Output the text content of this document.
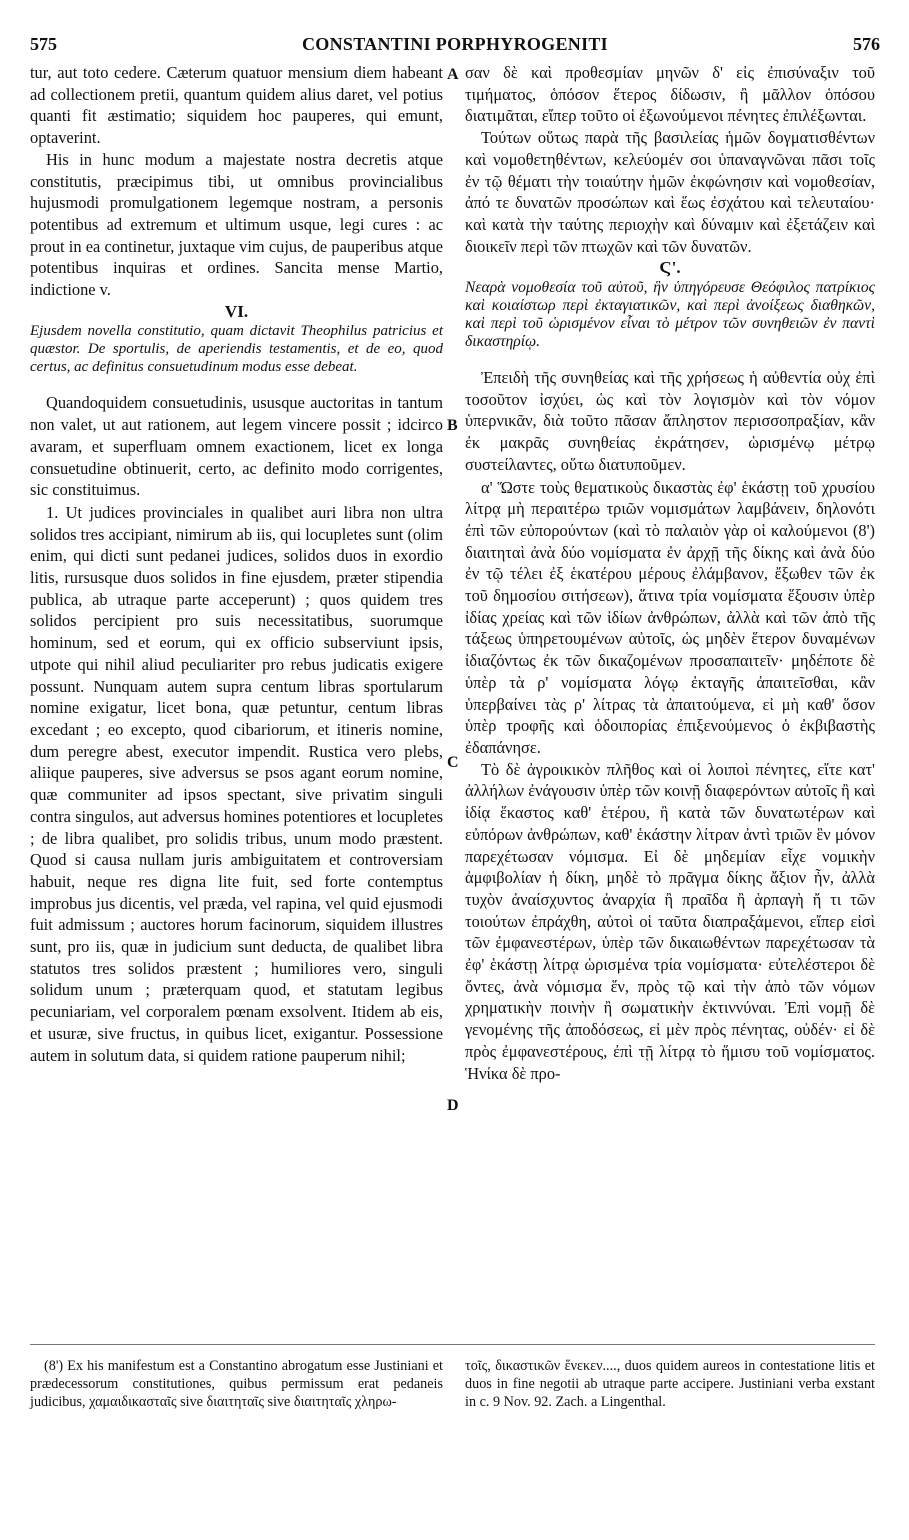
575	CONSTANTINI PORPHYROGENITI	576

tur, aut toto cedere. Cæterum quatuor mensium diem habeant ad collectionem pretii, quantum quidem alius daret, vel potius quanti fit æstimatio; siquidem hoc pauperes, qui emunt, optaverint.

His in hunc modum a majestate nostra decretis atque constitutis, præcipimus tibi, ut omnibus provincialibus hujusmodi promulgationem legemque nostram, a personis potentibus ad extremum et ultimum usque, legi cures : ac prout in ea continetur, juxtaque vim cujus, de pauperibus atque potentibus inquiras et ordines. Sancita mense Martio, indictione v.

VI.

Ejusdem novella constitutio, quam dictavit Theophilus patricius et quæstor. De sportulis, de aperiendis testamentis, et de eo, quod certus, ac definitus consuetudinum modus esse debeat.

Quandoquidem consuetudinis, ususque auctoritas in tantum non valet, ut aut rationem, aut legem vincere possit ; idcirco avaram, et superfluam omnem exactionem, licet ex longa consuetudine obtinuerit, certo, ac definito modo corrigentes, sic constituimus.

1. Ut judices provinciales in qualibet auri libra non ultra solidos tres accipiant, nimirum ab iis, qui locupletes sunt (olim enim, qui dicti sunt pedanei judices, solidos duos in exordio litis, rursusque duos solidos in fine ejusdem, præter stipendia publica, ab utraque parte acceperunt) ; quos quidem tres solidos percipient pro suis necessitatibus, suorumque hominum, sed et eorum, qui ex officio subserviunt ipsis, utpote qui nihil aliud peculiariter pro rebus judicatis exigere possunt. Nunquam autem supra centum libras sportularum nomine exigatur, licet bona, quæ petuntur, centum libras excedant ; eo excepto, quod cibariorum, et itineris nomine, dum peregre abest, executor impendit. Rustica vero plebs, aliique pauperes, sive adversus se psos agant eorum nomine, quæ communiter ad ipsos spectant, sive privatim singuli contra singulos, aut adversus homines potentiores et locupletes ; de libra qualibet, pro solidis tribus, unum modo præstent. Quod si causa nullam juris ambiguitatem et controversiam habuit, neque res digna lite fuit, sed forte contemptus improbus jus dicentis, vel præda, vel rapina, vel quid ejusmodi fuit admissum ; auctores horum facinorum, siquidem illustres sunt, pro iis, quæ in judicium sunt deducta, de qualibet libra statutos tres solidos præstent ; humiliores vero, singuli solidum unum ; præterquam quod, et statutam legibus pecuniariam, vel corporalem pœnam exsolvent. Itidem ab eis, et usuræ, sive fructus, in quibus licet, exigantur. Possessione autem in solutum data, si quidem ratione pauperum nihil;

σαν δὲ καὶ προθεσμίαν μηνῶν δ' εἰς ἐπισύναξιν τοῦ τιμήματος, ὁπόσον ἕτερος δίδωσιν, ἢ μᾶλλον ὁπόσου διατιμᾶται, εἴπερ τοῦτο οἱ ἐξωνούμενοι πένητες ἐπιλέξωνται.

Τούτων οὕτως παρὰ τῆς βασιλείας ἡμῶν δογματισθέντων καὶ νομοθετηθέντων, κελεύομέν σοι ὑπαναγνῶναι πᾶσι τοῖς ἐν τῷ θέματι τὴν τοιαύτην ἡμῶν ἐκφώνησιν καὶ νομοθεσίαν, ἀπό τε δυνατῶν προσώπων καὶ ἕως ἐσχάτου καὶ τελευταίου· καὶ κατὰ τὴν ταύτης περιοχὴν καὶ δύναμιν καὶ ἐξετάζειν καὶ διοικεῖν περὶ τῶν πτωχῶν καὶ τῶν δυνατῶν.

Ϛ'.

Νεαρὰ νομοθεσία τοῦ αὐτοῦ, ἣν ὑπηγόρευσε Θεόφιλος πατρίκιος καὶ κοιαίστωρ περὶ ἐκταγιατικῶν, καὶ περὶ ἀνοίξεως διαθηκῶν, καὶ περὶ τοῦ ὡρισμένον εἶναι τὸ μέτρον τῶν συνηθειῶν ἐν παντὶ δικαστηρίῳ.

Ἐπειδὴ τῆς συνηθείας καὶ τῆς χρήσεως ἡ αὐθεντία οὐχ ἐπὶ τοσοῦτον ἰσχύει, ὡς καὶ τὸν λογισμὸν καὶ τὸν νόμον ὑπερνικᾶν, διὰ τοῦτο πᾶσαν ἄπληστον περισσοπραξίαν, κἂν ἐκ μακρᾶς συνηθείας ἐκράτησεν, ὡρισμένῳ μέτρῳ συστείλαντες, οὕτω διατυποῦμεν.

α' Ὥστε τοὺς θεματικοὺς δικαστὰς ἐφ' ἑκάστῃ τοῦ χρυσίου λίτρᾳ μὴ περαιτέρω τριῶν νομισμάτων λαμβάνειν, δηλονότι ἐπὶ τῶν εὐπορούντων (καὶ τὸ παλαιὸν γὰρ οἱ καλούμενοι (8') διαιτηταὶ ἀνὰ δύο νομίσματα ἐν ἀρχῇ τῆς δίκης καὶ ἀνὰ δύο ἐν τῷ τέλει ἐξ ἑκατέρου μέρους ἐλάμβανον, ἔξωθεν τῶν ἐκ τοῦ δημοσίου σιτήσεων), ἅτινα τρία νομίσματα ἕξουσιν ὑπὲρ ἰδίας χρείας καὶ τῶν ἰδίων ἀνθρώπων, ἀλλὰ καὶ τῶν ἀπὸ τῆς τάξεως ὑπηρετουμένων αὐτοῖς, ὡς μηδὲν ἕτερον δυναμένων ἰδιαζόντως ἐκ τῶν δικαζομένων προσαπαιτεῖν· μηδέποτε δὲ ὑπὲρ τὰ ρ' νομίσματα λόγῳ ἐκταγῆς ἀπαιτεῖσθαι, κἂν ὑπερβαίνει τὰς ρ' λίτρας τὰ ἀπαιτούμενα, εἰ μὴ καθ' ὅσον ὑπὲρ τροφῆς καὶ ὁδοιπορίας ἐπιξενούμενος ὁ ἐκβιβαστὴς ἐδαπάνησε.

Τὸ δὲ ἀγροικικὸν πλῆθος καὶ οἱ λοιποὶ πένητες, εἴτε κατ' ἀλλήλων ἐνάγουσιν ὑπὲρ τῶν κοινῇ διαφερόντων αὐτοῖς ἢ καὶ ἰδίᾳ ἕκαστος καθ' ἑτέρου, ἢ κατὰ τῶν δυνατωτέρων καὶ εὐπόρων ἀνθρώπων, καθ' ἑκάστην λίτραν ἀντὶ τριῶν ἓν μόνον παρεχέτωσαν νόμισμα. Εἰ δὲ μηδεμίαν εἶχε νομικὴν ἀμφιβολίαν ἡ δίκη, μηδὲ τὸ πρᾶγμα δίκης ἄξιον ἦν, ἀλλὰ τυχὸν ἀναίσχυντος ἀναρχία ἢ πραῖδα ἢ ἁρπαγὴ ἤ τι τῶν τοιούτων ἐπράχθη, αὐτοὶ οἱ ταῦτα διαπραξάμενοι, εἴπερ εἰσὶ τῶν ἐμφανεστέρων, ὑπὲρ τῶν δικαιωθέντων παρεχέτωσαν τὰ ἐφ' ἑκάστῃ λίτρᾳ ὡρισμένα τρία νομίσματα· εὐτελέστεροι δὲ ὄντες, ἀνὰ νόμισμα ἕν, πρὸς τῷ καὶ τὴν ἀπὸ τῶν νόμων χρηματικὴν ποινὴν ἢ σωματικὴν ἐκτιννύναι. Ἐπὶ νομῇ δὲ γενομένης τῆς ἀποδόσεως, εἰ μὲν πρὸς πένητας, οὐδέν· εἰ δὲ πρὸς ἐμφανεστέρους, ἐπὶ τῇ λίτρᾳ τὸ ἥμισυ τοῦ νομίσματος. Ἡνίκα δὲ προ-

A
B
C
D

(8') Ex his manifestum est a Constantino abrogatum esse Justiniani et prædecessorum constitutiones, quibus permissum erat pedaneis judicibus, χαμαιδικασταῖς sive διαιτηταῖς sive διαιτηταῖς χληρω-

τοῖς, δικαστικῶν ἕνεκεν...., duos quidem aureos in contestatione litis et duos in fine negotii ab utraque parte accipere. Justiniani verba exstant in c. 9 Nov. 92. Zach. a Lingenthal.
